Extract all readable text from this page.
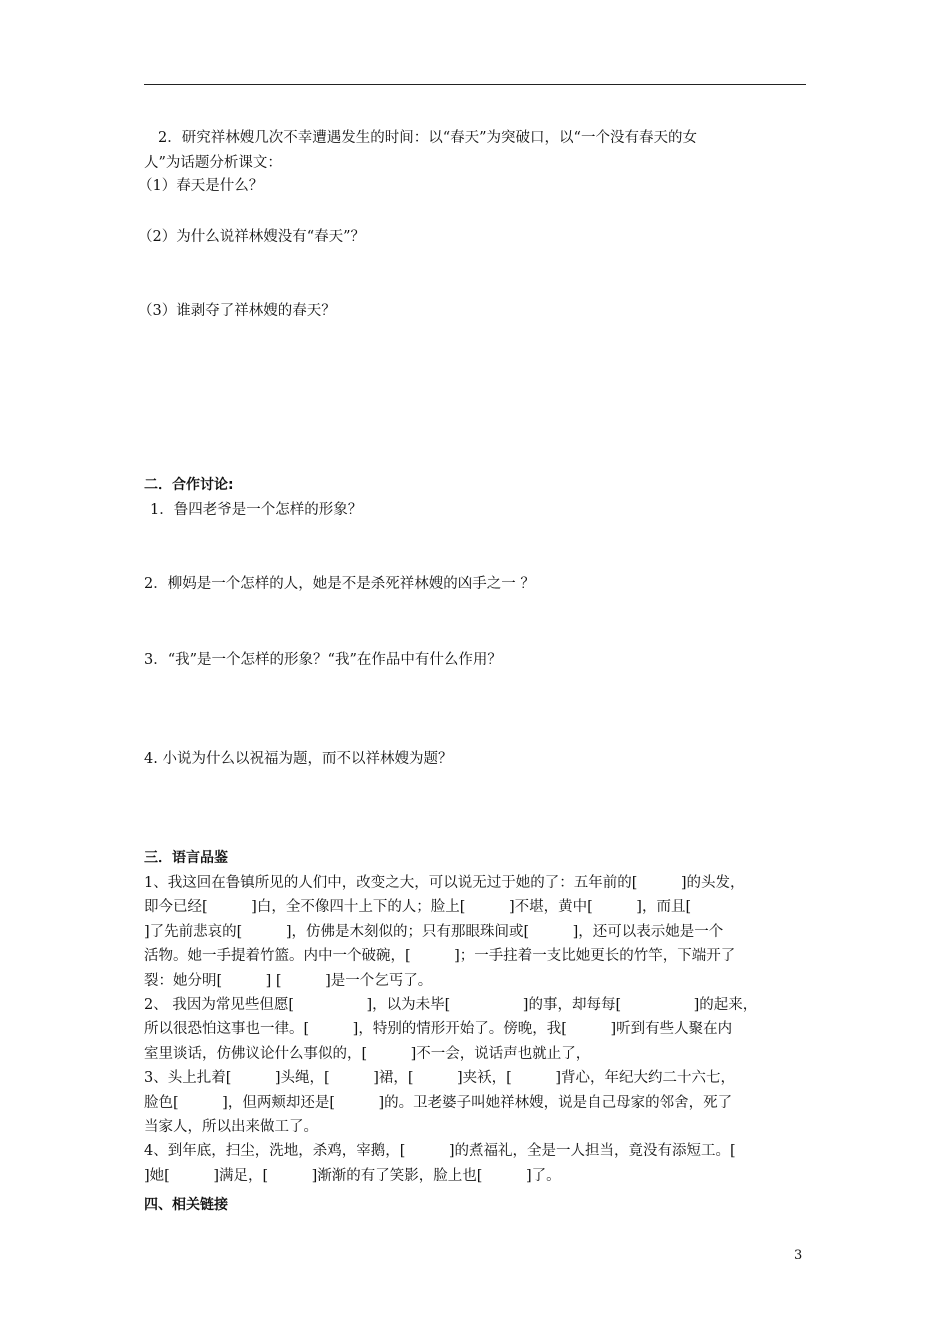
2．研究祥林嫂几次不幸遭遇发生的时间：以“春天”为突破口，以“一个没有春天的女
人”为话题分析课文：
（1）春天是什么？
（2）为什么说祥林嫂没有“春天”？
（3）谁剥夺了祥林嫂的春天？
二．合作讨论:
1．鲁四老爷是一个怎样的形象？
2．柳妈是一个怎样的人，她是不是杀死祥林嫂的凶手之一 ？
3．“我”是一个怎样的形象？“我”在作品中有什么作用？
4. 小说为什么以祝福为题，而不以祥林嫂为题？
三．语言品鉴

1、我这回在鲁镇所见的人们中，改变之大，可以说无过于她的了：五年前的[　　　]的头发，

即今已经[　　　]白，全不像四十上下的人；脸上[　　　]不堪，黄中[　　　]，而且[

]了先前悲哀的[　　　]，仿佛是木刻似的；只有那眼珠间或[　　　]，还可以表示她是一个

活物。她一手提着竹篮。内中一个破碗，[　　　]；一手拄着一支比她更长的竹竿，下端开了

裂：她分明[　　　] [　　　]是一个乞丐了。

2、 我因为常见些但愿[　　　　　]，以为未毕[　　　　　]的事，却每每[　　　　　]的起来，

所以很恐怕这事也一律。[　　　]，特别的情形开始了。傍晚，我[　　　]听到有些人聚在内

室里谈话，仿佛议论什么事似的，[　　　]不一会，说话声也就止了，

3、头上扎着[　　　]头绳，[　　　]裙，[　　　]夹袄，[　　　]背心，年纪大约二十六七，

脸色[　　　]，但两颊却还是[　　　]的。卫老婆子叫她祥林嫂，说是自己母家的邻舍，死了

当家人，所以出来做工了。

4、到年底，扫尘，洗地，杀鸡，宰鹅，[　　　]的煮福礼，全是一人担当，竟没有添短工。[

]她[　　　]满足，[　　　]渐渐的有了笑影，脸上也[　　　]了。

四、相关链接
3
